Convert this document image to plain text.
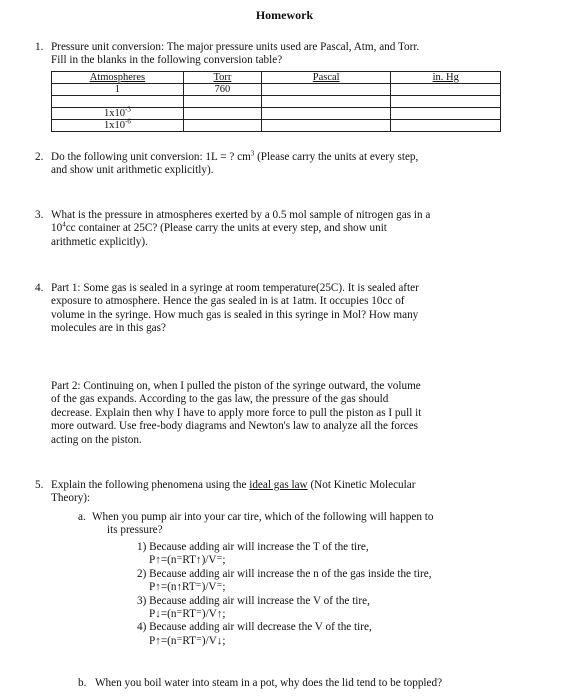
Homework
1. Pressure unit conversion: The major pressure units used are Pascal, Atm, and Torr.
Fill in the blanks in the following conversion table?
Atmospheres	Torr	Pascal	in. Hg
1	760		

$1x10^{-3}$			
$1x10^{-6}$			
2. Do the following unit conversion: 1L = ? $cm^3$ (Please carry the units at every step,
and show unit arithmetic explicitly).
3. What is the pressure in atmospheres exerted by a 0.5 mol sample of nitrogen gas in a
$10^4cc$ container at 25C? (Please carry the units at every step, and show unit
arithmetic explicitly).
4. Part 1: Some gas is sealed in a syringe at room temperature(25C). It is sealed after
exposure to atmosphere. Hence the gas sealed in is at 1atm. It occupies 10cc of
volume in the syringe. How much gas is sealed in this syringe in Mol? How many
molecules are in this gas?
Part 2: Continuing on, when I pulled the piston of the syringe outward, the volume
of the gas expands. According to the gas law, the pressure of the gas should
decrease. Explain then why I have to apply more force to pull the piston as I pull it
more outward. Use free-body diagrams and Newton's law to analyze all the forces
acting on the piston.
5. Explain the following phenomena using the ideal gas law (Not Kinetic Molecular
Theory):
a. When you pump air into your car tire, which of the following will happen to
its pressure?
1) Because adding air will increase the T of the tire,
P↑=(n⁼RT↑)/V⁼;
2) Because adding air will increase the n of the gas inside the tire,
P↑=(n↑RT⁼)/V⁼;
3) Because adding air will increase the V of the tire,
P↓=(n⁼RT⁼)/V↑;
4) Because adding air will decrease the V of the tire,
P↑=(n⁼RT⁼)/V↓;
b. When you boil water into steam in a pot, why does the lid tend to be toppled?
